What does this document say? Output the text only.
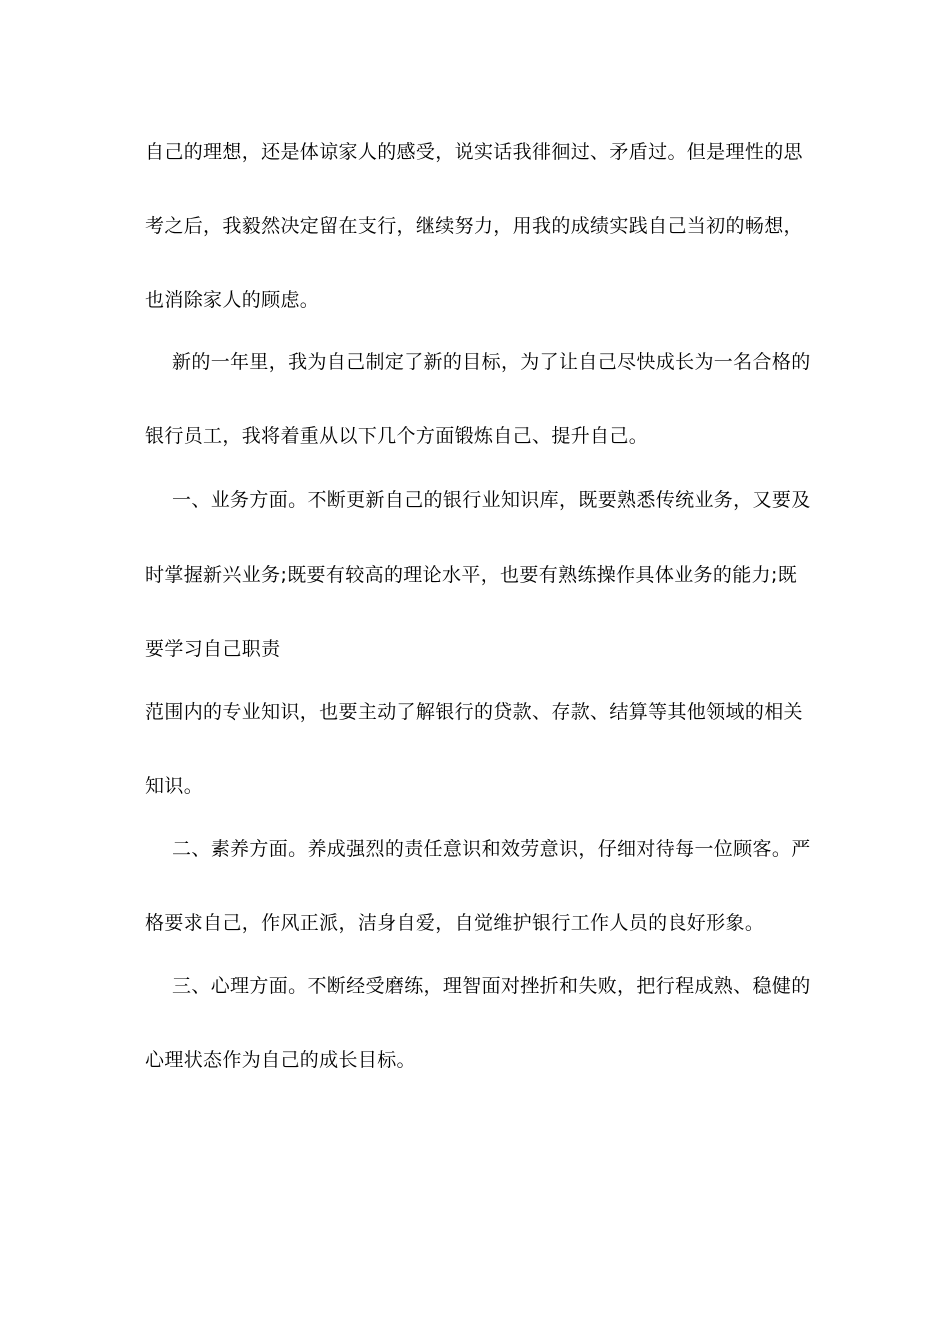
自己的理想，还是体谅家人的感受，说实话我徘徊过、矛盾过。但是理性的思
考之后，我毅然决定留在支行，继续努力，用我的成绩实践自己当初的畅想，
也消除家人的顾虑。
新的一年里，我为自己制定了新的目标，为了让自己尽快成长为一名合格的
银行员工，我将着重从以下几个方面锻炼自己、提升自己。
一、业务方面。不断更新自己的银行业知识库，既要熟悉传统业务，又要及
时掌握新兴业务;既要有较高的理论水平，也要有熟练操作具体业务的能力;既
要学习自己职责
范围内的专业知识，也要主动了解银行的贷款、存款、结算等其他领域的相关
知识。
二、素养方面。养成强烈的责任意识和效劳意识，仔细对待每一位顾客。严
格要求自己，作风正派，洁身自爱，自觉维护银行工作人员的良好形象。
三、心理方面。不断经受磨练，理智面对挫折和失败，把行程成熟、稳健的
心理状态作为自己的成长目标。
